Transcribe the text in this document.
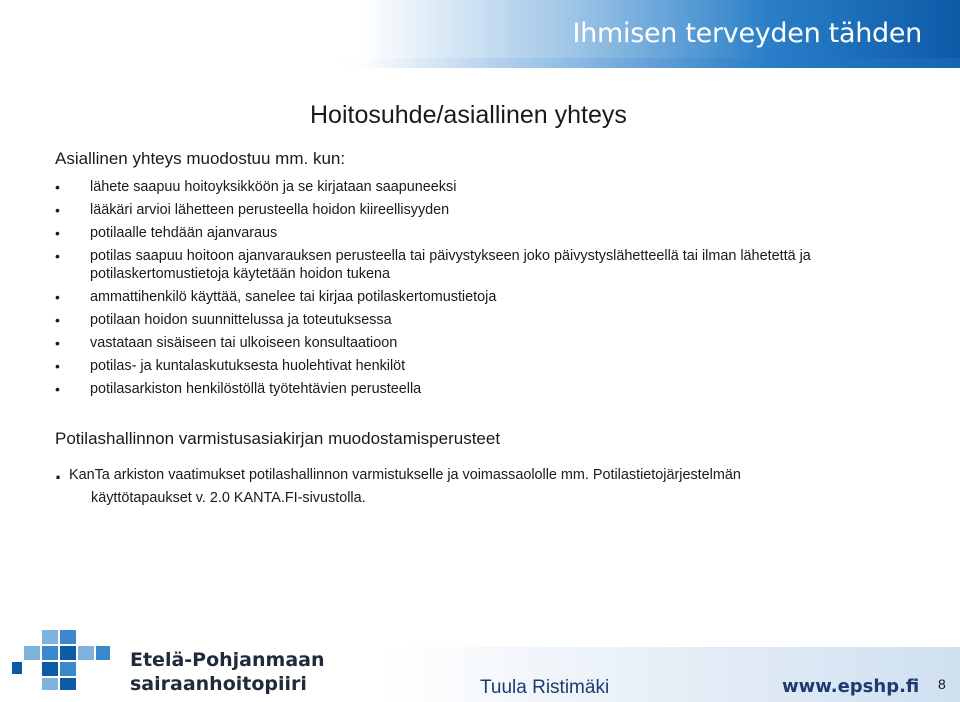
Ihmisen terveyden tähden
Hoitosuhde/asiallinen yhteys
Asiallinen yhteys muodostuu mm. kun:
• lähete saapuu hoitoyksikköön ja se kirjataan saapuneeksi
• lääkäri arvioi lähetteen perusteella hoidon kiireellisyyden
• potilaalle tehdään ajanvaraus
• potilas saapuu hoitoon ajanvarauksen perusteella tai päivystykseen joko päivystyslähetteellä tai ilman lähetettä ja potilaskertomustietoja käytetään hoidon tukena
• ammattihenkilö käyttää, sanelee tai kirjaa potilaskertomustietoja
• potilaan hoidon suunnittelussa ja toteutuksessa
• vastataan sisäiseen tai ulkoiseen konsultaatioon
• potilas- ja kuntalaskutuksesta huolehtivat henkilöt
• potilasarkiston henkilöstöllä työtehtävien perusteella
Potilashallinnon varmistusasiakirjan muodostamisperusteet
. KanTa arkiston vaatimukset potilashallinnon varmistukselle ja voimassaololle mm. Potilastietojärjestelmän
käyttötapaukset v. 2.0 KANTA.FI-sivustolla.
Etelä-Pohjanmaan
sairaanhoitopiiri	Tuula Ristimäki	www.epshp.fi 8
